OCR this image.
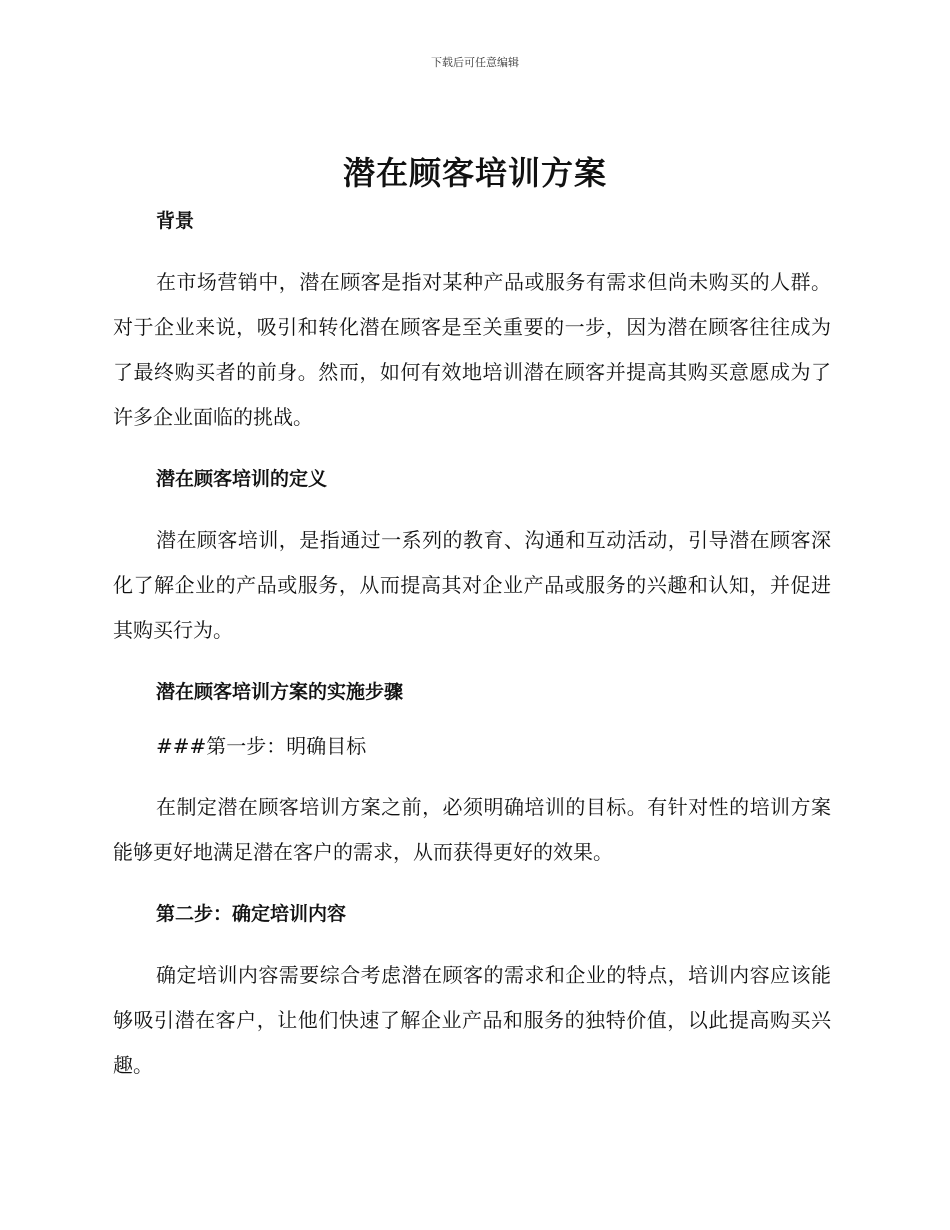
下载后可任意编辑
潜在顾客培训方案

背景

在市场营销中，潜在顾客是指对某种产品或服务有需求但尚未购买的人群。对于企业来说，吸引和转化潜在顾客是至关重要的一步，因为潜在顾客往往成为了最终购买者的前身。然而，如何有效地培训潜在顾客并提高其购买意愿成为了许多企业面临的挑战。

潜在顾客培训的定义

潜在顾客培训，是指通过一系列的教育、沟通和互动活动，引导潜在顾客深化了解企业的产品或服务，从而提高其对企业产品或服务的兴趣和认知，并促进其购买行为。

潜在顾客培训方案的实施步骤

###第一步：明确目标

在制定潜在顾客培训方案之前，必须明确培训的目标。有针对性的培训方案能够更好地满足潜在客户的需求，从而获得更好的效果。

第二步：确定培训内容

确定培训内容需要综合考虑潜在顾客的需求和企业的特点，培训内容应该能够吸引潜在客户，让他们快速了解企业产品和服务的独特价值，以此提高购买兴趣。
